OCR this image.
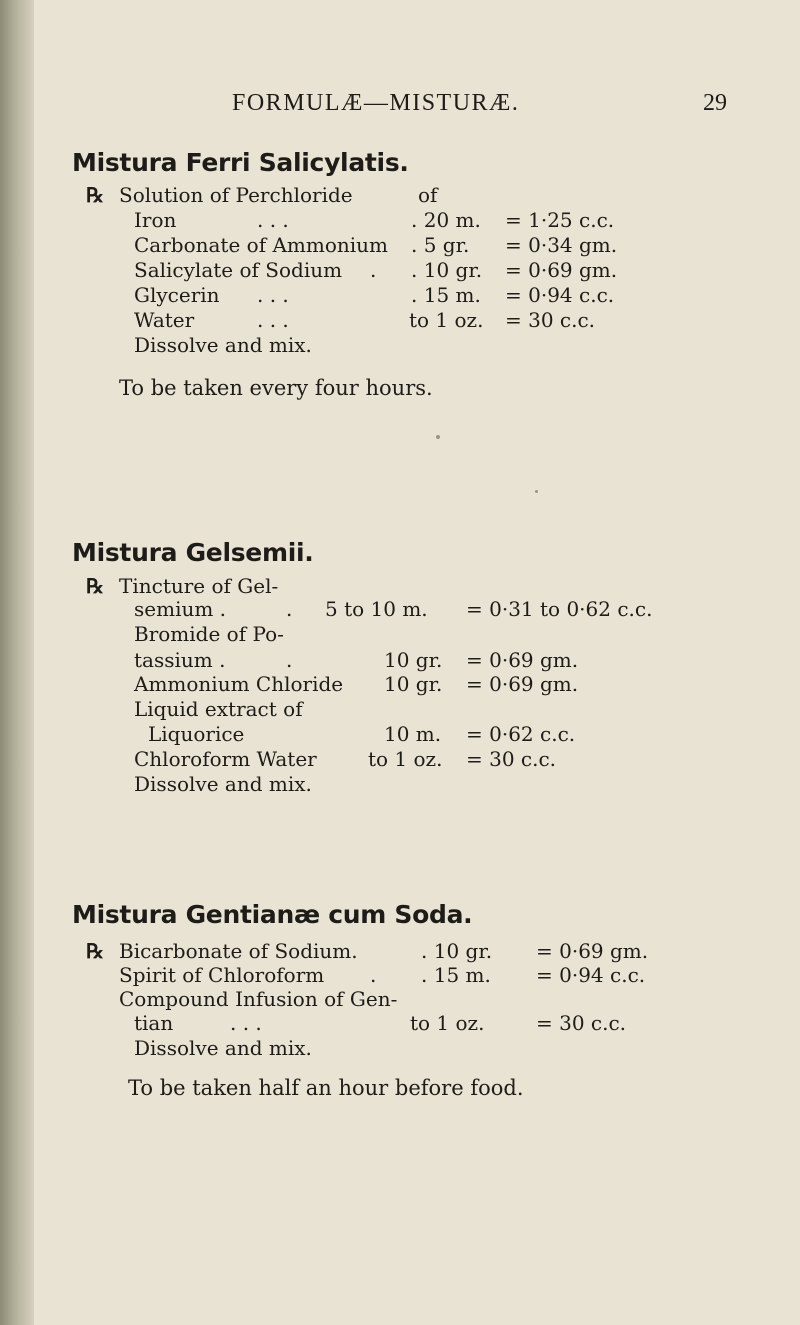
FORMULÆ—MISTURÆ.	29
Mistura Ferri Salicylatis.
℞ Solution of Perchloride	of
Iron	. . .	. 20 m. = 1·25 c.c.
Carbonate of Ammonium . 5 gr. = 0·34 gm.
Salicylate of Sodium . . 10 gr. = 0·69 gm.
Glycerin . . .	. 15 m. = 0·94 c.c.
Water	. . .	to 1 oz. = 30 c.c.
Dissolve and mix.
To be taken every four hours.
Mistura Gelsemii.
℞ Tincture of Gel-
semium .	. 5 to 10 m. = 0·31 to 0·62 c.c.
Bromide of Po-
tassium .	.	10 gr. = 0·69 gm.
Ammonium Chloride 10 gr. = 0·69 gm.
Liquid extract of
Liquorice	10 m. = 0·62 c.c.
Chloroform Water	to 1 oz. = 30 c.c.
Dissolve and mix.
Mistura Gentianæ cum Soda.
℞ Bicarbonate of Sodium.	. 10 gr. = 0·69 gm.
Spirit of Chloroform . . 15 m. = 0·94 c.c.
Compound Infusion of Gen-
tian	. . .	to 1 oz.	= 30 c.c.
Dissolve and mix.
To be taken half an hour before food.
